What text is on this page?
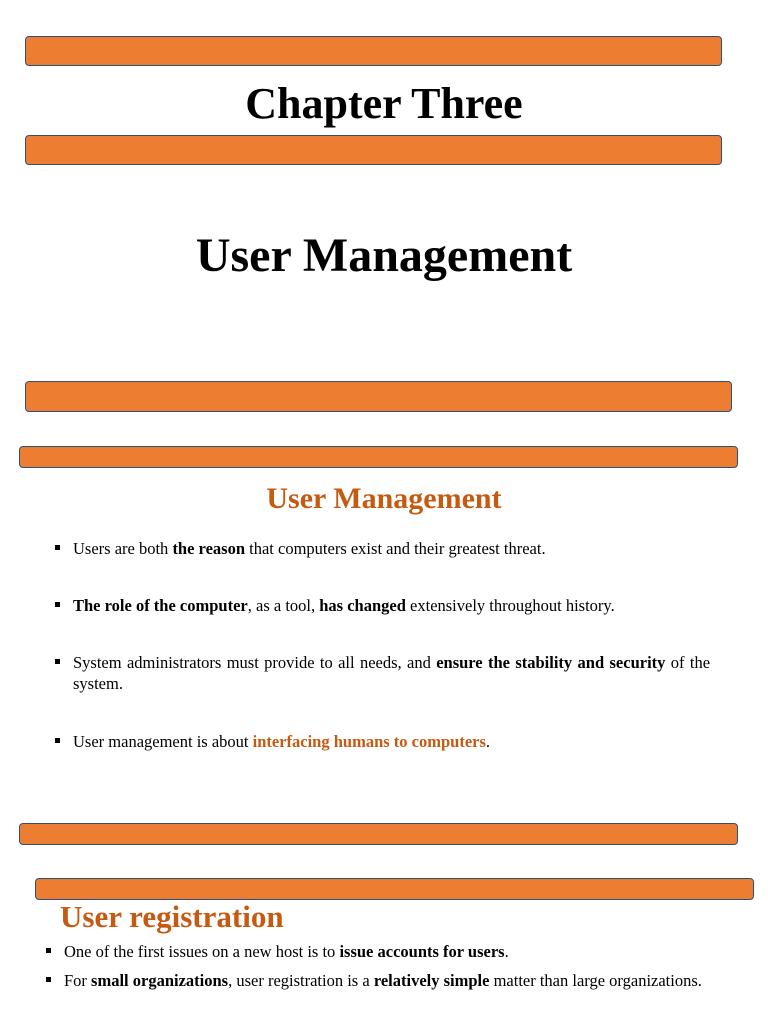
Chapter Three
User Management
User Management
Users are both the reason that computers exist and their greatest threat.
The role of the computer, as a tool, has changed extensively throughout history.
System administrators must provide to all needs, and ensure the stability and security of the system.
User management is about interfacing humans to computers.
User registration
One of the first issues on a new host is to issue accounts for users.
For small organizations, user registration is a relatively simple matter than large organizations.
